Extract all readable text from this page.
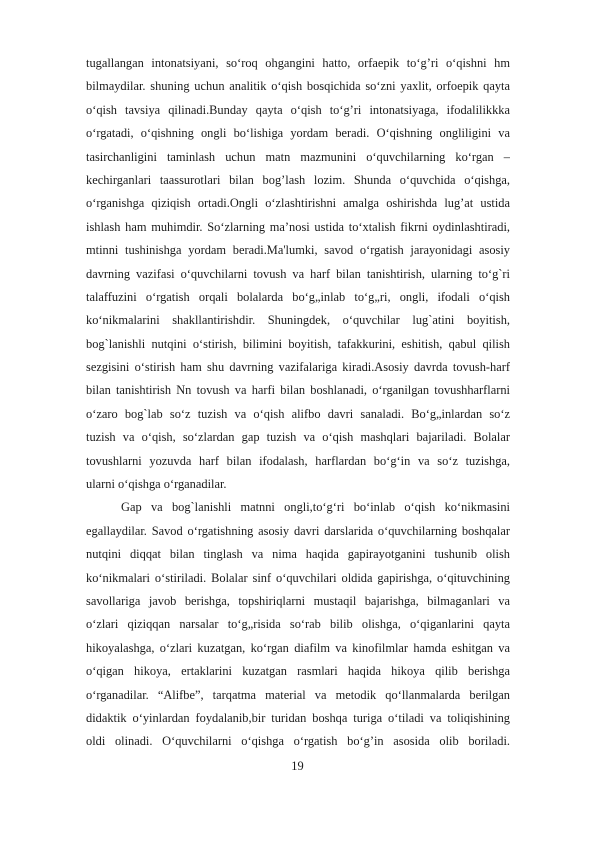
tugallangan intonatsiyani, so‘roq ohgangini hatto, orfaepik to‘g’ri o‘qishni hm
bilmaydilar. shuning uchun analitik o‘qish bosqichida so‘zni yaxlit, orfoepik qayta
o‘qish tavsiya qilinadi.Bunday qayta o‘qish to‘g’ri intonatsiyaga, ifodalilikkka
o‘rgatadi, o‘qishning ongli bo‘lishiga yordam beradi. O‘qishning ongliligini va
tasirchanligini taminlash uchun matn mazmunini o‘quvchilarning ko‘rgan –
kechirganlari taassurotlari bilan bog’lash lozim. Shunda o‘quvchida o‘qishga,
o‘rganishga qiziqish ortadi.Ongli o‘zlashtirishni amalga oshirishda lug’at ustida
ishlash ham muhimdir. So‘zlarning ma’nosi ustida to‘xtalish fikrni oydinlashtiradi,
mtinni tushinishga yordam beradi.Ma'lumki, savod o‘rgatish jarayonidagi asosiy
davrning vazifasi o‘quvchilarni tovush va harf bilan tanishtirish, ularning to‘g`ri
talaffuzini o‘rgatish orqali bolalarda bo‘g„inlab to‘g„ri, ongli, ifodali o‘qish
ko‘nikmalarini shakllantirishdir. Shuningdek, o‘quvchilar lug`atini boyitish,
bog`lanishli nutqini o‘stirish, bilimini boyitish, tafakkurini, eshitish, qabul qilish
sezgisini o‘stirish ham shu davrning vazifalariga kiradi.Asosiy davrda tovush-harf
bilan tanishtirish Nn tovush va harfi bilan boshlanadi, o‘rganilgan tovushharflarni
o‘zaro bog`lab so‘z tuzish va o‘qish alifbo davri sanaladi. Bo‘g„inlardan so‘z
tuzish va o‘qish, so‘zlardan gap tuzish va o‘qish mashqlari bajariladi. Bolalar
tovushlarni yozuvda harf bilan ifodalash, harflardan bo‘g‘in va so‘z tuzishga,
ularni o‘qishga o‘rganadilar.
Gap va bog`lanishli matnni ongli,to‘g‘ri bo‘inlab o‘qish ko‘nikmasini
egallaydilar. Savod o‘rgatishning asosiy davri darslarida o‘quvchilarning boshqalar
nutqini diqqat bilan tinglash va nima haqida gapirayotganini tushunib olish
ko‘nikmalari o‘stiriladi. Bolalar sinf o‘quvchilari oldida gapirishga, o‘qituvchining
savollariga javob berishga, topshiriqlarni mustaqil bajarishga, bilmaganlari va
o‘zlari qiziqqan narsalar to‘g„risida so‘rab bilib olishga, o‘qiganlarini qayta
hikoyalashga, o‘zlari kuzatgan, ko‘rgan diafilm va kinofilmlar hamda eshitgan va
o‘qigan hikoya, ertaklarini kuzatgan rasmlari haqida hikoya qilib berishga
o‘rganadilar. “Alifbe”, tarqatma material va metodik qo‘llanmalarda berilgan
didaktik o‘yinlardan foydalanib,bir turidan boshqa turiga o‘tiladi va toliqishining
oldi olinadi. O‘quvchilarni o‘qishga o‘rgatish bo‘g’in asosida olib boriladi.
19
